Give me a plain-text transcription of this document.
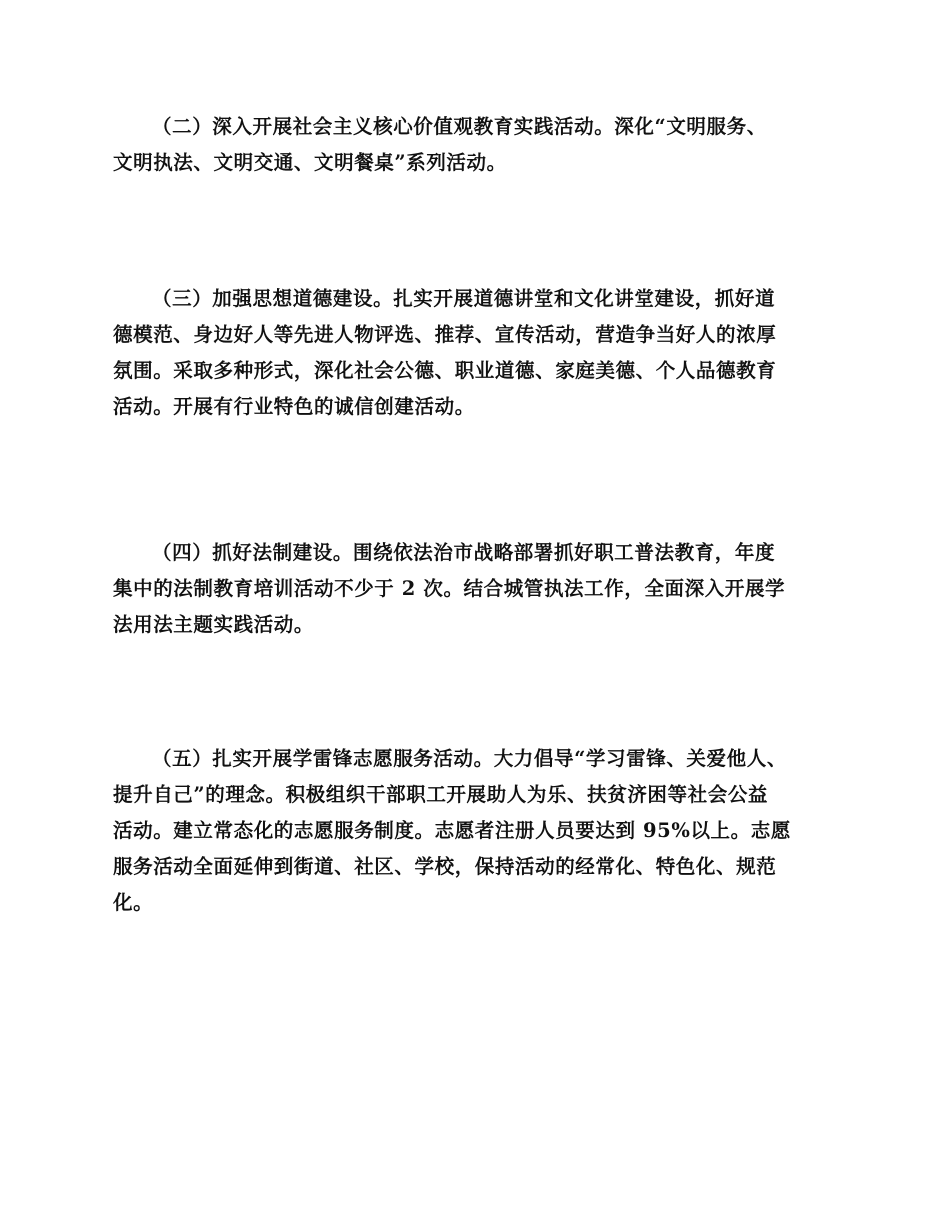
（二）深入开展社会主义核心价值观教育实践活动。深化“文明服务、
文明执法、文明交通、文明餐桌”系列活动。

（三）加强思想道德建设。扎实开展道德讲堂和文化讲堂建设，抓好道
德模范、身边好人等先进人物评选、推荐、宣传活动，营造争当好人的浓厚
氛围。采取多种形式，深化社会公德、职业道德、家庭美德、个人品德教育
活动。开展有行业特色的诚信创建活动。

（四）抓好法制建设。围绕依法治市战略部署抓好职工普法教育，年度
集中的法制教育培训活动不少于 2 次。结合城管执法工作，全面深入开展学
法用法主题实践活动。

（五）扎实开展学雷锋志愿服务活动。大力倡导“学习雷锋、关爱他人、
提升自己”的理念。积极组织干部职工开展助人为乐、扶贫济困等社会公益
活动。建立常态化的志愿服务制度。志愿者注册人员要达到 95%以上。志愿
服务活动全面延伸到街道、社区、学校，保持活动的经常化、特色化、规范
化。
